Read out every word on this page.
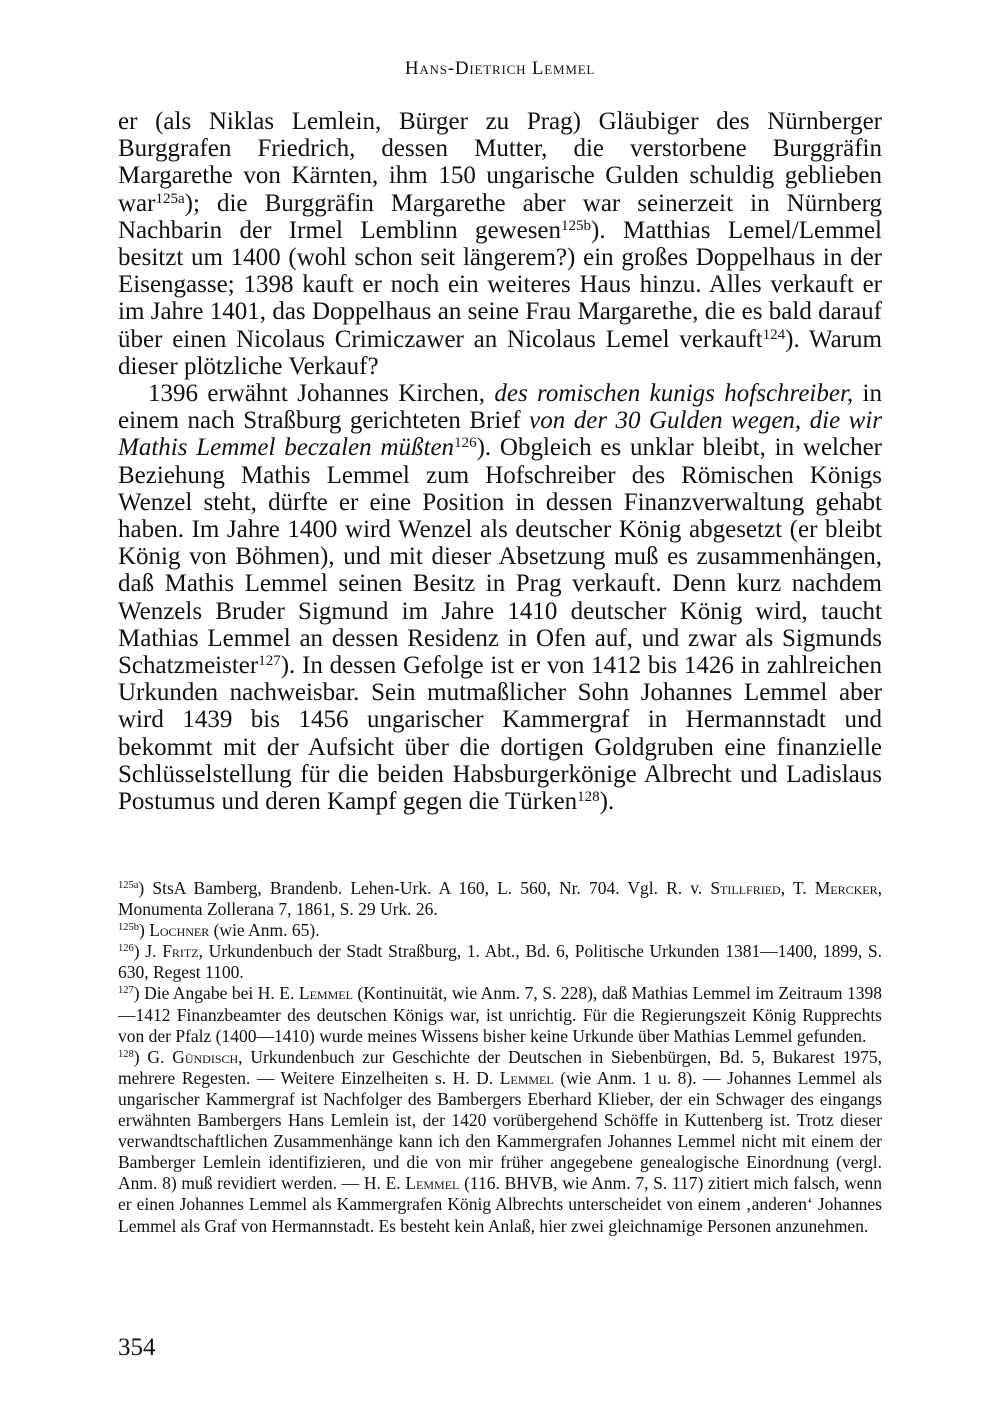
Hans-Dietrich Lemmel

er (als Niklas Lemlein, Bürger zu Prag) Gläubiger des Nürnberger Burggrafen Friedrich, dessen Mutter, die verstorbene Burggräfin Margarethe von Kärnten, ihm 150 ungarische Gulden schuldig geblieben war$^{125a}$); die Burggräfin Margarethe aber war seinerzeit in Nürnberg Nachbarin der Irmel Lemblinn gewesen$^{125b}$). Matthias Lemel/Lemmel besitzt um 1400 (wohl schon seit längerem?) ein großes Doppelhaus in der Eisengasse; 1398 kauft er noch ein weiteres Haus hinzu. Alles verkauft er im Jahre 1401, das Doppelhaus an seine Frau Margarethe, die es bald darauf über einen Nicolaus Crimiczawer an Nicolaus Lemel verkauft$^{124}$). Warum dieser plötzliche Verkauf?

1396 erwähnt Johannes Kirchen, des romischen kunigs hofschreiber, in einem nach Straßburg gerichteten Brief von der 30 Gulden wegen, die wir Mathis Lemmel beczalen müßten$^{126}$). Obgleich es unklar bleibt, in welcher Beziehung Mathis Lemmel zum Hofschreiber des Römischen Königs Wenzel steht, dürfte er eine Position in dessen Finanzverwaltung gehabt haben. Im Jahre 1400 wird Wenzel als deutscher König abgesetzt (er bleibt König von Böhmen), und mit dieser Absetzung muß es zusammenhängen, daß Mathis Lemmel seinen Besitz in Prag verkauft. Denn kurz nachdem Wenzels Bruder Sigmund im Jahre 1410 deutscher König wird, taucht Mathias Lemmel an dessen Residenz in Ofen auf, und zwar als Sigmunds Schatzmeister$^{127}$). In dessen Gefolge ist er von 1412 bis 1426 in zahlreichen Urkunden nachweisbar. Sein mutmaßlicher Sohn Johannes Lemmel aber wird 1439 bis 1456 ungarischer Kammergraf in Hermannstadt und bekommt mit der Aufsicht über die dortigen Goldgruben eine finanzielle Schlüsselstellung für die beiden Habsburgerkönige Albrecht und Ladislaus Postumus und deren Kampf gegen die Türken$^{128}$).

$^{125a}$) StsA Bamberg, Brandenb. Lehen-Urk. A 160, L. 560, Nr. 704. Vgl. R. v. Stillfried, T. Mercker, Monumenta Zollerana 7, 1861, S. 29 Urk. 26.

$^{125b}$) Lochner (wie Anm. 65).

$^{126}$) J. Fritz, Urkundenbuch der Stadt Straßburg, 1. Abt., Bd. 6, Politische Urkunden 1381—1400, 1899, S. 630, Regest 1100.

$^{127}$) Die Angabe bei H. E. Lemmel (Kontinuität, wie Anm. 7, S. 228), daß Mathias Lemmel im Zeitraum 1398—1412 Finanzbeamter des deutschen Königs war, ist unrichtig. Für die Regierungszeit König Rupprechts von der Pfalz (1400—1410) wurde meines Wissens bisher keine Urkunde über Mathias Lemmel gefunden.

$^{128}$) G. Gündisch, Urkundenbuch zur Geschichte der Deutschen in Siebenbürgen, Bd. 5, Bukarest 1975, mehrere Regesten. — Weitere Einzelheiten s. H. D. Lemmel (wie Anm. 1 u. 8). — Johannes Lemmel als ungarischer Kammergraf ist Nachfolger des Bambergers Eberhard Klieber, der ein Schwager des eingangs erwähnten Bambergers Hans Lemlein ist, der 1420 vorübergehend Schöffe in Kuttenberg ist. Trotz dieser verwandtschaftlichen Zusammenhänge kann ich den Kammergrafen Johannes Lemmel nicht mit einem der Bamberger Lemlein identifizieren, und die von mir früher angegebene genealogische Einordnung (vergl. Anm. 8) muß revidiert werden. — H. E. Lemmel (116. BHVB, wie Anm. 7, S. 117) zitiert mich falsch, wenn er einen Johannes Lemmel als Kammergrafen König Albrechts unterscheidet von einem ‚anderen‘ Johannes Lemmel als Graf von Hermannstadt. Es besteht kein Anlaß, hier zwei gleichnamige Personen anzunehmen.

354
